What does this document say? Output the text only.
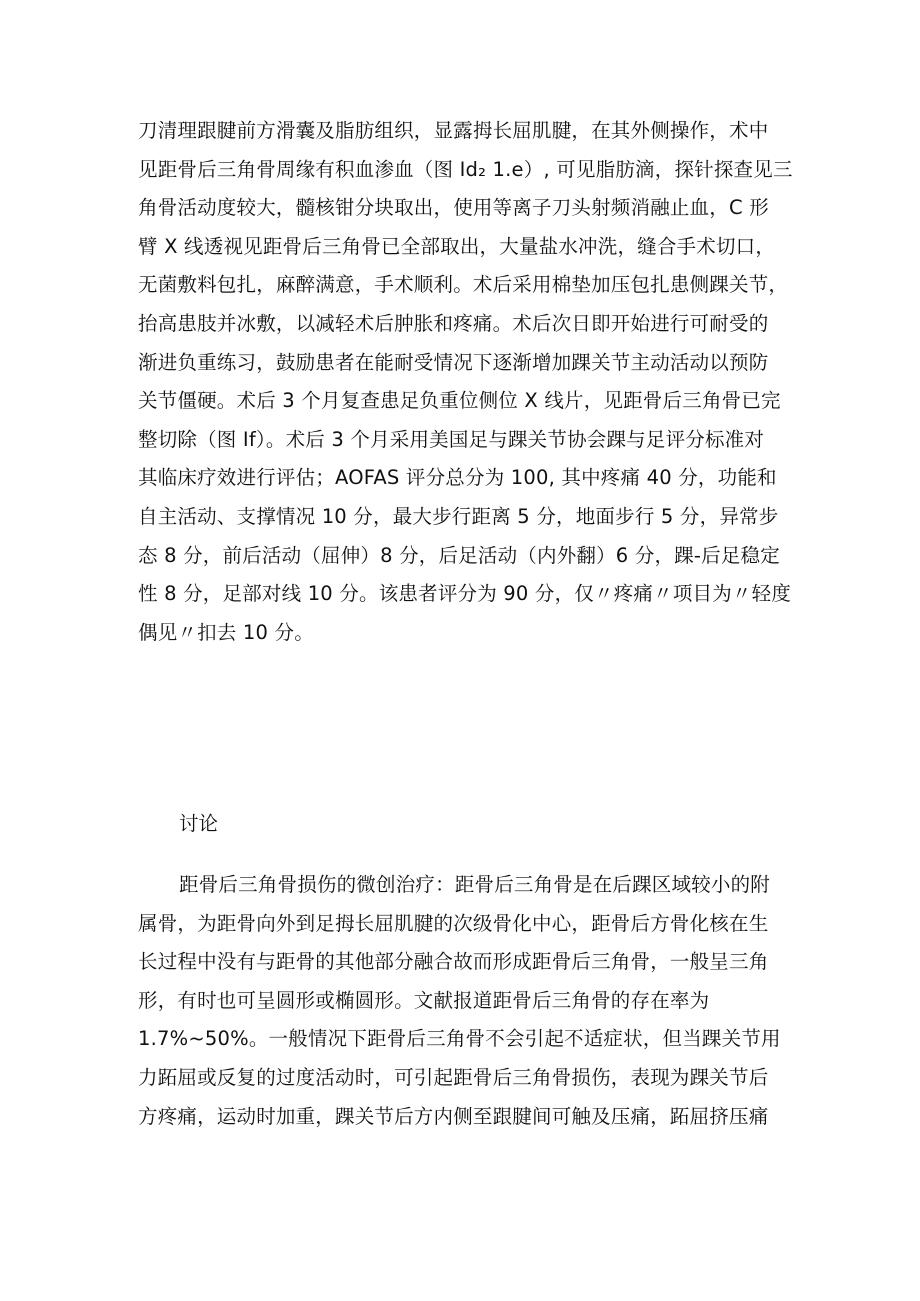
刀清理跟腱前方滑囊及脂肪组织，显露拇长屈肌腱，在其外侧操作，术中
见距骨后三角骨周缘有积血渗血（图 Id₂ 1.e）, 可见脂肪滴，探针探查见三
角骨活动度较大，髓核钳分块取出，使用等离子刀头射频消融止血，C 形
臂 X 线透视见距骨后三角骨已全部取出，大量盐水冲洗，缝合手术切口，
无菌敷料包扎，麻醉满意，手术顺利。术后采用棉垫加压包扎患侧踝关节，
抬高患肢并冰敷，以减轻术后肿胀和疼痛。术后次日即开始进行可耐受的
渐进负重练习，鼓励患者在能耐受情况下逐渐增加踝关节主动活动以预防
关节僵硬。术后 3 个月复查患足负重位侧位 X 线片，见距骨后三角骨已完
整切除（图 If）。术后 3 个月采用美国足与踝关节协会踝与足评分标准对
其临床疗效进行评估；AOFAS 评分总分为 100, 其中疼痛 40 分，功能和
自主活动、支撑情况 10 分，最大步行距离 5 分，地面步行 5 分，异常步
态 8 分，前后活动（屈伸）8 分，后足活动（内外翻）6 分，踝-后足稳定
性 8 分，足部对线 10 分。该患者评分为 90 分，仅〃疼痛〃项目为〃轻度
偶见〃扣去 10 分。
讨论
距骨后三角骨损伤的微创治疗：距骨后三角骨是在后踝区域较小的附
属骨，为距骨向外到足拇长屈肌腱的次级骨化中心，距骨后方骨化核在生
长过程中没有与距骨的其他部分融合故而形成距骨后三角骨，一般呈三角
形，有时也可呈圆形或椭圆形。文献报道距骨后三角骨的存在率为
1.7%~50%。一般情况下距骨后三角骨不会引起不适症状，但当踝关节用
力跖屈或反复的过度活动时，可引起距骨后三角骨损伤，表现为踝关节后
方疼痛，运动时加重，踝关节后方内侧至跟腱间可触及压痛，跖屈挤压痛
